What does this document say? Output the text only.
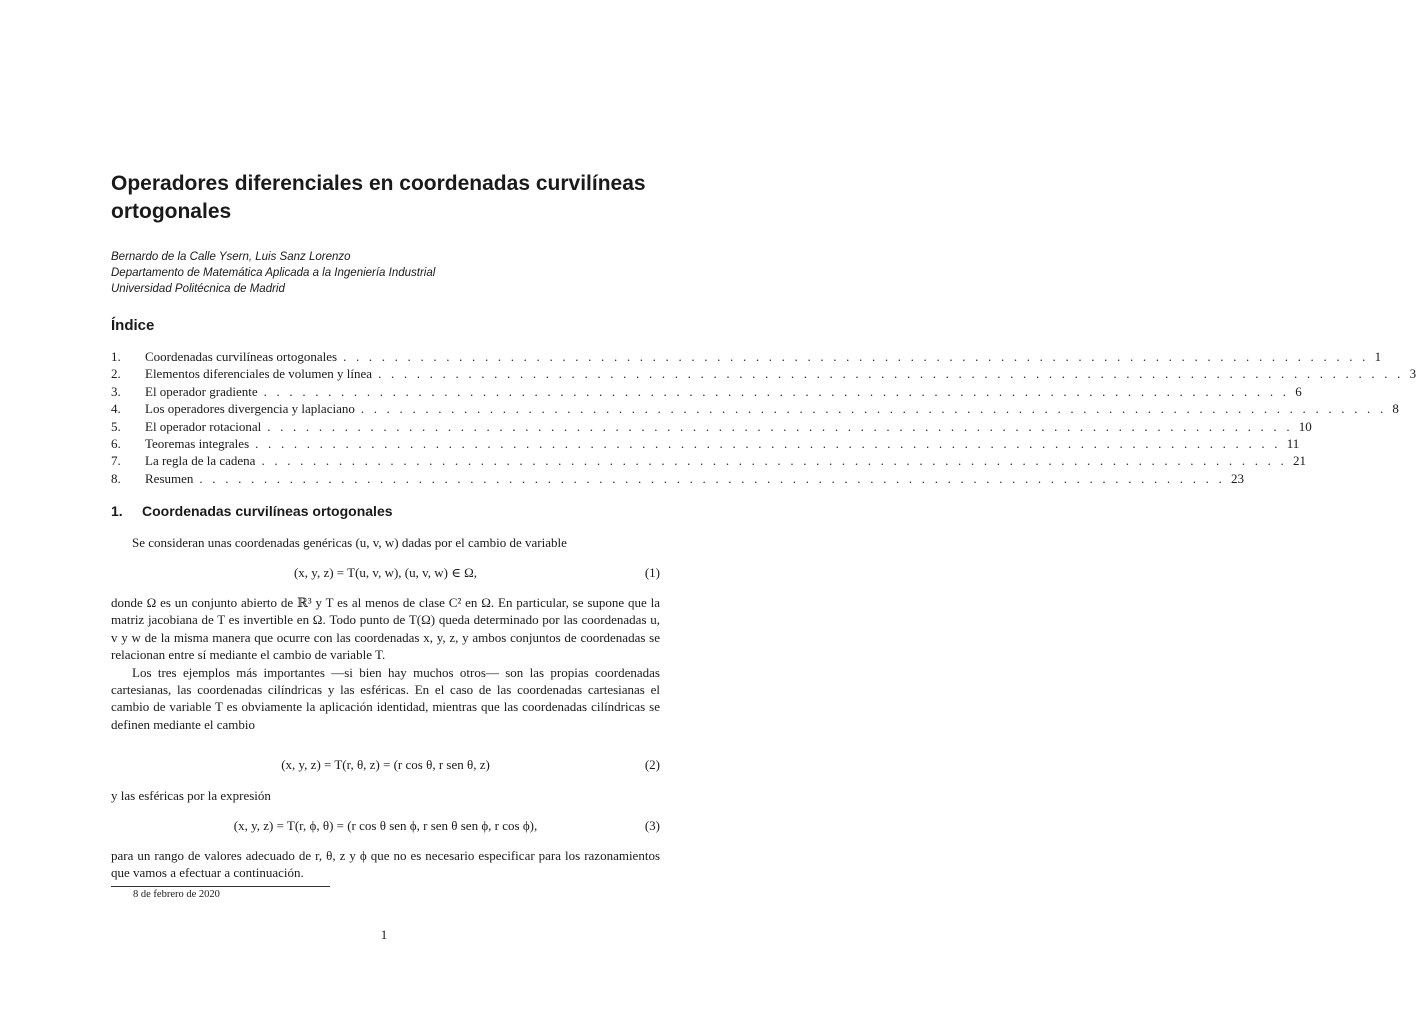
Operadores diferenciales en coordenadas curvilíneas ortogonales
Bernardo de la Calle Ysern, Luis Sanz Lorenzo
Departamento de Matemática Aplicada a la Ingeniería Industrial
Universidad Politécnica de Madrid
Índice
1.	Coordenadas curvilíneas ortogonales . . . . . . . . . . . . . . . . . . . . . . . . . . . . . . . . . . . . . . . . . . . . . . . . . . . . . . . . . . . . . . . . . . . . . . . . . . . . . . . . 1
2.	Elementos diferenciales de volumen y línea . . . . . . . . . . . . . . . . . . . . . . . . . . . . . . . . . . . . . . . . . . . . . . . . . . . . . . . . . . . . . . . . . . . . . . . . . . . . . . . . 3
3.	El operador gradiente . . . . . . . . . . . . . . . . . . . . . . . . . . . . . . . . . . . . . . . . . . . . . . . . . . . . . . . . . . . . . . . . . . . . . . . . . . . . . . . . 6
4.	Los operadores divergencia y laplaciano . . . . . . . . . . . . . . . . . . . . . . . . . . . . . . . . . . . . . . . . . . . . . . . . . . . . . . . . . . . . . . . . . . . . . . . . . . . . . . . . 8
5.	El operador rotacional . . . . . . . . . . . . . . . . . . . . . . . . . . . . . . . . . . . . . . . . . . . . . . . . . . . . . . . . . . . . . . . . . . . . . . . . . . . . . . . . 10
6.	Teoremas integrales . . . . . . . . . . . . . . . . . . . . . . . . . . . . . . . . . . . . . . . . . . . . . . . . . . . . . . . . . . . . . . . . . . . . . . . . . . . . . . . . 11
7.	La regla de la cadena . . . . . . . . . . . . . . . . . . . . . . . . . . . . . . . . . . . . . . . . . . . . . . . . . . . . . . . . . . . . . . . . . . . . . . . . . . . . . . . . 21
8.	Resumen . . . . . . . . . . . . . . . . . . . . . . . . . . . . . . . . . . . . . . . . . . . . . . . . . . . . . . . . . . . . . . . . . . . . . . . . . . . . . . . . 23
1. Coordenadas curvilíneas ortogonales

Se consideran unas coordenadas genéricas (u, v, w) dadas por el cambio de variable

(x, y, z) = T(u, v, w), (u, v, w) ∈ Ω,	(1)

donde Ω es un conjunto abierto de ℝ³ y T es al menos de clase C² en Ω. En particular, se supone que la matriz jacobiana de T es invertible en Ω. Todo punto de T(Ω) queda determinado por las coordenadas u, v y w de la misma manera que ocurre con las coordenadas x, y, z, y ambos conjuntos de coordenadas se relacionan entre sí mediante el cambio de variable T.

Los tres ejemplos más importantes —si bien hay muchos otros— son las propias coordenadas cartesianas, las coordenadas cilíndricas y las esféricas. En el caso de las coordenadas cartesianas el cambio de variable T es obviamente la aplicación identidad, mientras que las coordenadas cilíndricas se definen mediante el cambio

(x, y, z) = T(r, θ, z) = (r cos θ, r sen θ, z)	(2)

y las esféricas por la expresión

(x, y, z) = T(r, ϕ, θ) = (r cos θ sen ϕ, r sen θ sen ϕ, r cos ϕ),	(3)

para un rango de valores adecuado de r, θ, z y ϕ que no es necesario especificar para los razonamientos que vamos a efectuar a continuación.

8 de febrero de 2020
1
